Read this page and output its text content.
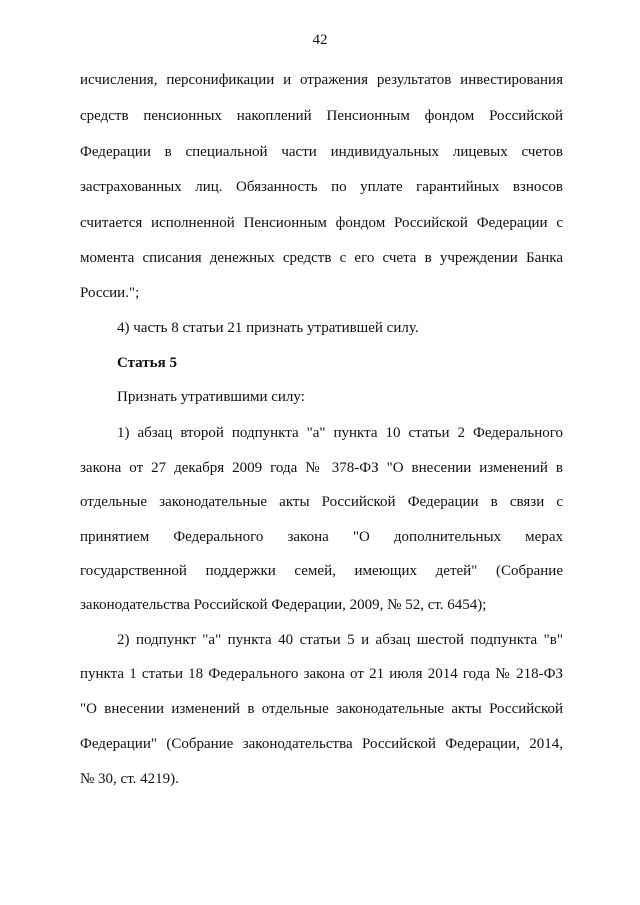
42
исчисления, персонификации и отражения результатов инвестирования
средств пенсионных накоплений Пенсионным фондом Российской
Федерации в специальной части индивидуальных лицевых счетов
застрахованных лиц. Обязанность по уплате гарантийных взносов
считается исполненной Пенсионным фондом Российской Федерации с
момента списания денежных средств с его счета в учреждении Банка
России.";
4) часть 8 статьи 21 признать утратившей силу.
Статья 5
Признать утратившими силу:
1) абзац второй подпункта "а" пункта 10 статьи 2 Федерального
закона от 27 декабря 2009 года № 378-ФЗ "О внесении изменений в
отдельные законодательные акты Российской Федерации в связи с
принятием Федерального закона "О дополнительных мерах
государственной поддержки семей, имеющих детей" (Собрание
законодательства Российской Федерации, 2009, № 52, ст. 6454);
2) подпункт "а" пункта 40 статьи 5 и абзац шестой подпункта "в"
пункта 1 статьи 18 Федерального закона от 21 июля 2014 года № 218-ФЗ
"О внесении изменений в отдельные законодательные акты Российской
Федерации" (Собрание законодательства Российской Федерации, 2014,
№ 30, ст. 4219).
